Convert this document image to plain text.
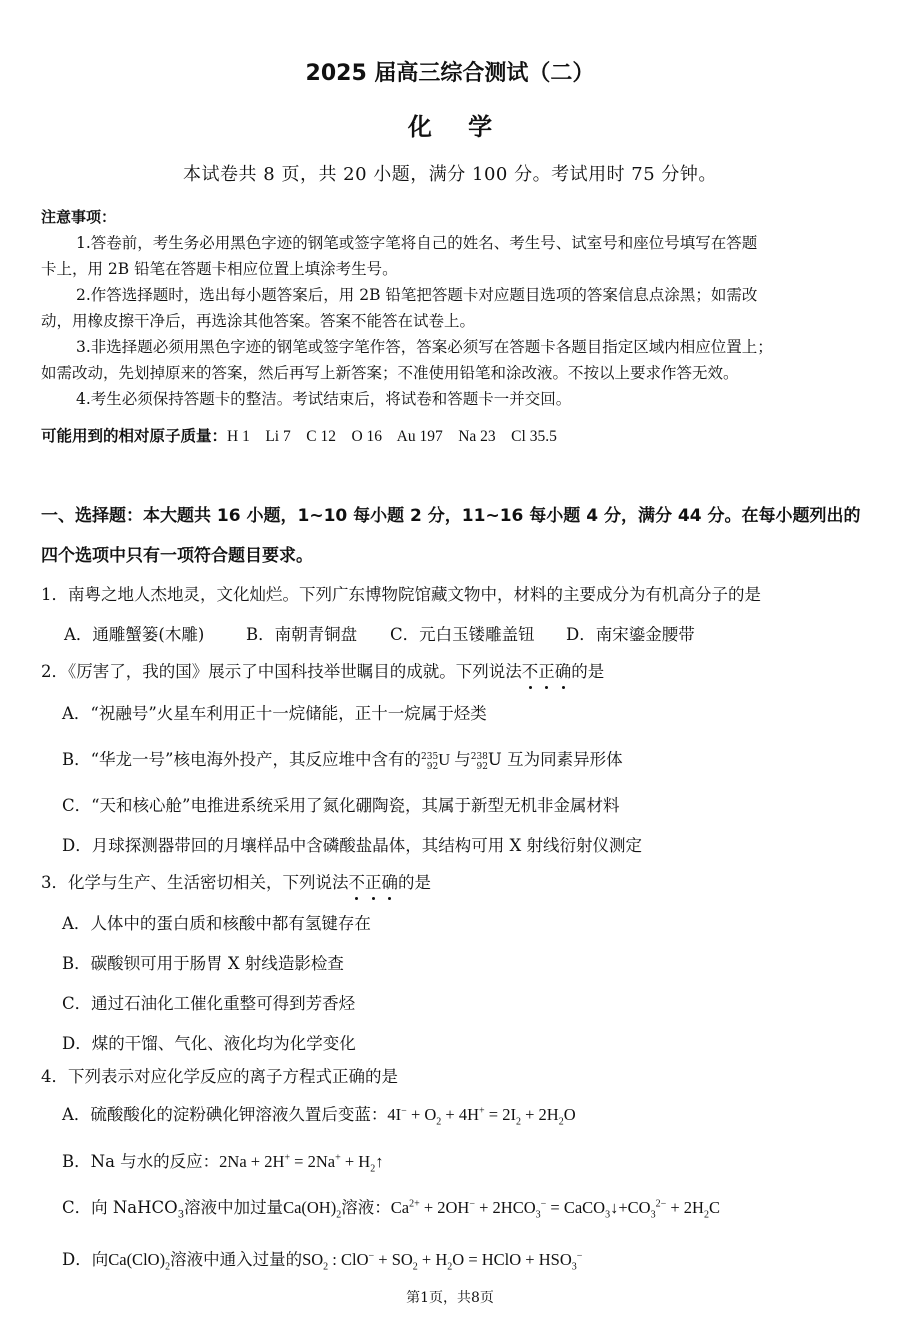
2025 届高三综合测试（二）
化 学
本试卷共 8 页，共 20 小题，满分 100 分。考试用时 75 分钟。
注意事项：
1.答卷前，考生务必用黑色字迹的钢笔或签字笔将自己的姓名、考生号、试室号和座位号填写在答题
卡上，用 2B 铅笔在答题卡相应位置上填涂考生号。
2.作答选择题时，选出每小题答案后，用 2B 铅笔把答题卡对应题目选项的答案信息点涂黑；如需改
动，用橡皮擦干净后，再选涂其他答案。答案不能答在试卷上。
3.非选择题必须用黑色字迹的钢笔或签字笔作答，答案必须写在答题卡各题目指定区域内相应位置上；
如需改动，先划掉原来的答案，然后再写上新答案；不准使用铅笔和涂改液。不按以上要求作答无效。
4.考生必须保持答题卡的整洁。考试结束后，将试卷和答题卡一并交回。
可能用到的相对原子质量：H 1    Li 7    C 12    O 16    Au 197    Na 23    Cl 35.5
一、选择题：本大题共 16 小题，1~10 每小题 2 分，11~16 每小题 4 分，满分 44 分。在每小题列出的
四个选项中只有一项符合题目要求。
1．南粤之地人杰地灵，文化灿烂。下列广东博物院馆藏文物中，材料的主要成分为有机高分子的是
A．通雕蟹篓(木雕)	B．南朝青铜盘 C．元白玉镂雕盖钮 D．南宋鎏金腰带
2．《厉害了，我的国》展示了中国科技举世瞩目的成就。下列说法不正确的是
A．“祝融号”火星车利用正十一烷储能，正十一烷属于烃类
B．“华龙一号”核电海外投产，其反应堆中含有的 235
92 U 与 238
92 U 互为同素异形体
C．“天和核心舱”电推进系统采用了氮化硼陶瓷，其属于新型无机非金属材料
D．月球探测器带回的月壤样品中含磷酸盐晶体，其结构可用 X 射线衍射仪测定
3．化学与生产、生活密切相关，下列说法不正确的是
A．人体中的蛋白质和核酸中都有氢键存在
B．碳酸钡可用于肠胃 X 射线造影检查
C．通过石油化工催化重整可得到芳香烃
D．煤的干馏、气化、液化均为化学变化
4．下列表示对应化学反应的离子方程式正确的是
A．硫酸酸化的淀粉碘化钾溶液久置后变蓝：$4I^- + O_2 + 4H^+ = 2I_2 + 2H_2O$
B．Na 与水的反应：$2Na + 2H^+ = 2Na^+ + H_2↑$
C．向 NaHCO$_3$溶液中加过量$Ca(OH)_2$溶液：$Ca^{2+} + 2OH^- + 2HCO_3^-$ = $CaCO_3↓+CO_3^{2-} + 2H_2C$
D．向$Ca(ClO)_2$溶液中通入过量的$SO_2$ : $ClO^- + SO_2 + H_2O$ = HClO + $HSO_3^-$
第1页，共8页
